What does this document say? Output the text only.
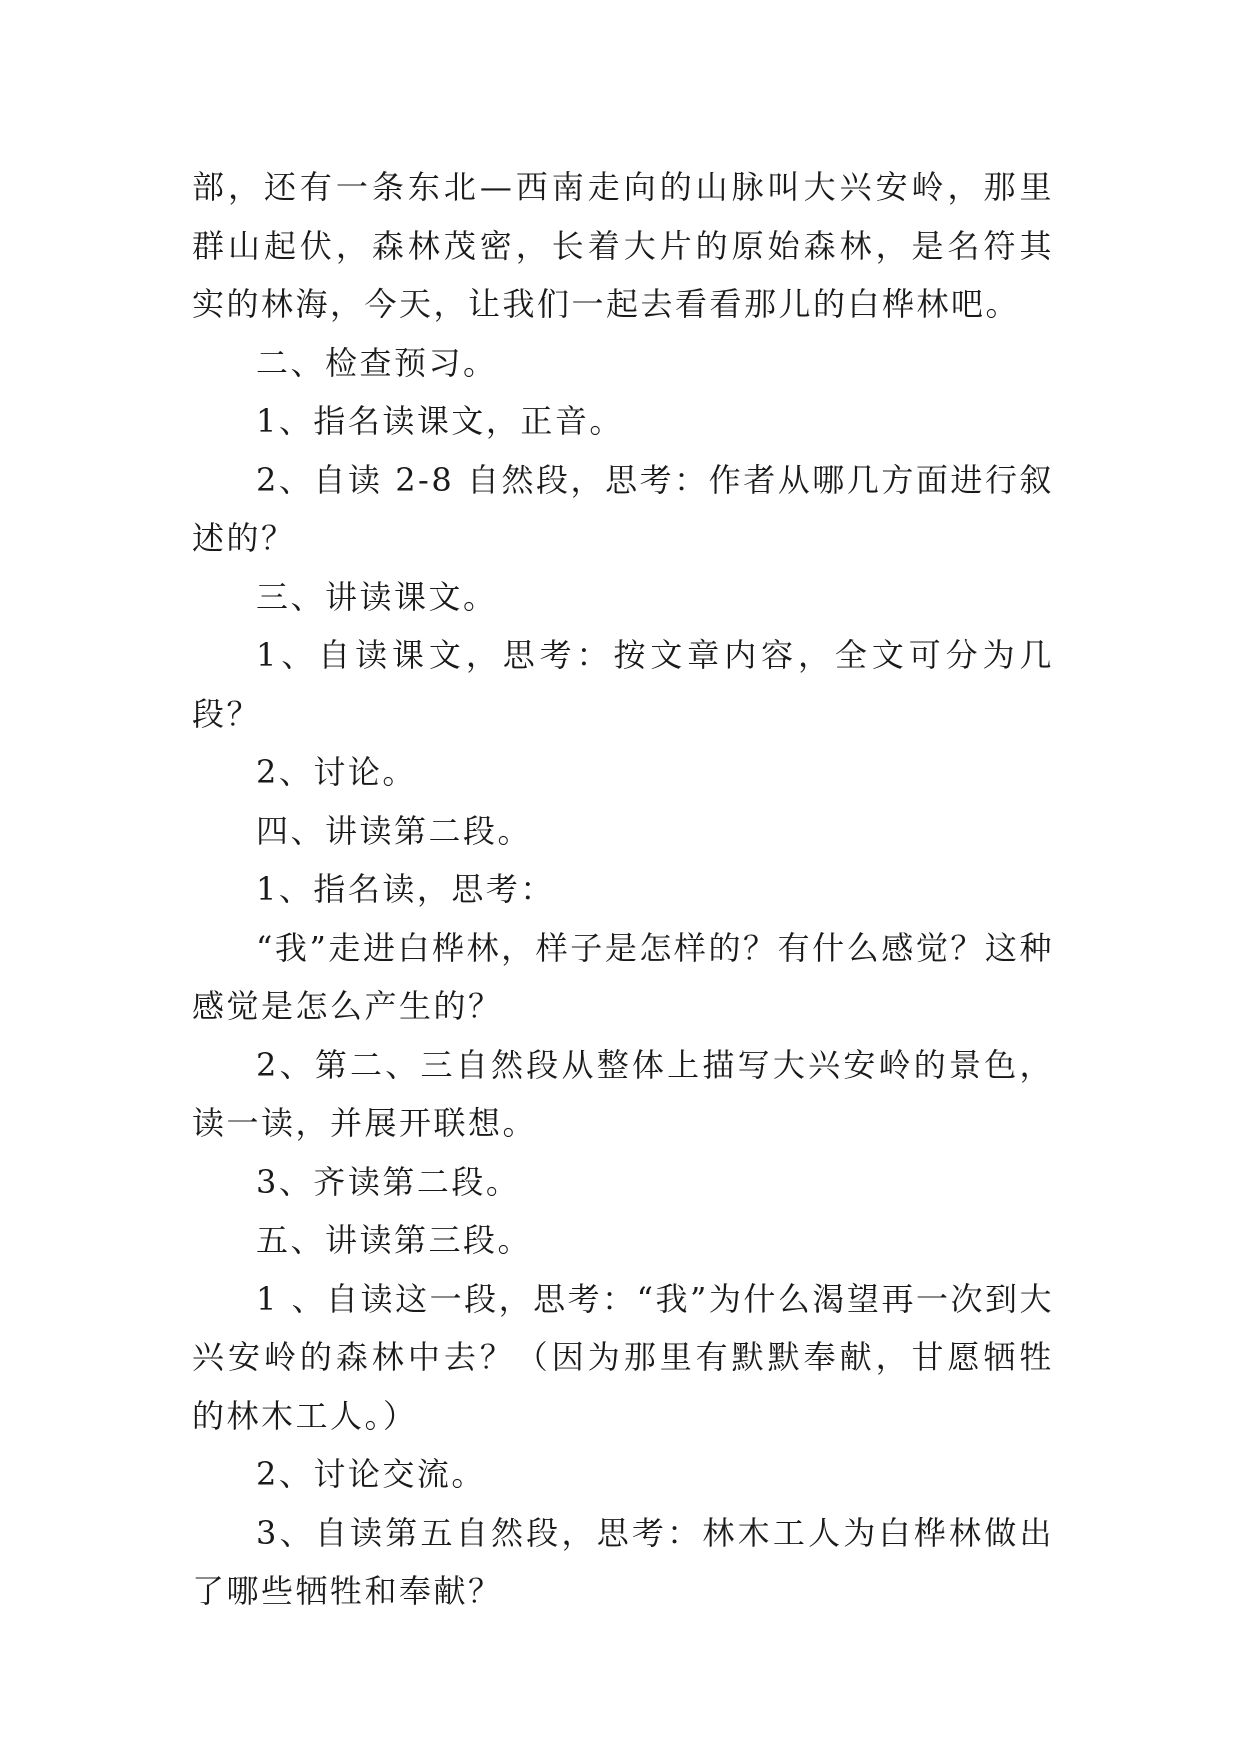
部，还有一条东北—西南走向的山脉叫大兴安岭，那里群山起伏，森林茂密，长着大片的原始森林，是名符其实的林海，今天，让我们一起去看看那儿的白桦林吧。

二、检查预习。

1、指名读课文，正音。

2、自读 2-8 自然段，思考：作者从哪几方面进行叙述的？

三、讲读课文。

1、自读课文，思考：按文章内容，全文可分为几段？

2、讨论。

四、讲读第二段。

1、指名读，思考：

“我”走进白桦林，样子是怎样的？有什么感觉？这种感觉是怎么产生的？

2、第二、三自然段从整体上描写大兴安岭的景色，读一读，并展开联想。

3、齐读第二段。

五、讲读第三段。

1 、自读这一段，思考：“我”为什么渴望再一次到大兴安岭的森林中去？（因为那里有默默奉献，甘愿牺牲的林木工人。）

2、讨论交流。

3、自读第五自然段，思考：林木工人为白桦林做出了哪些牺牲和奉献？
